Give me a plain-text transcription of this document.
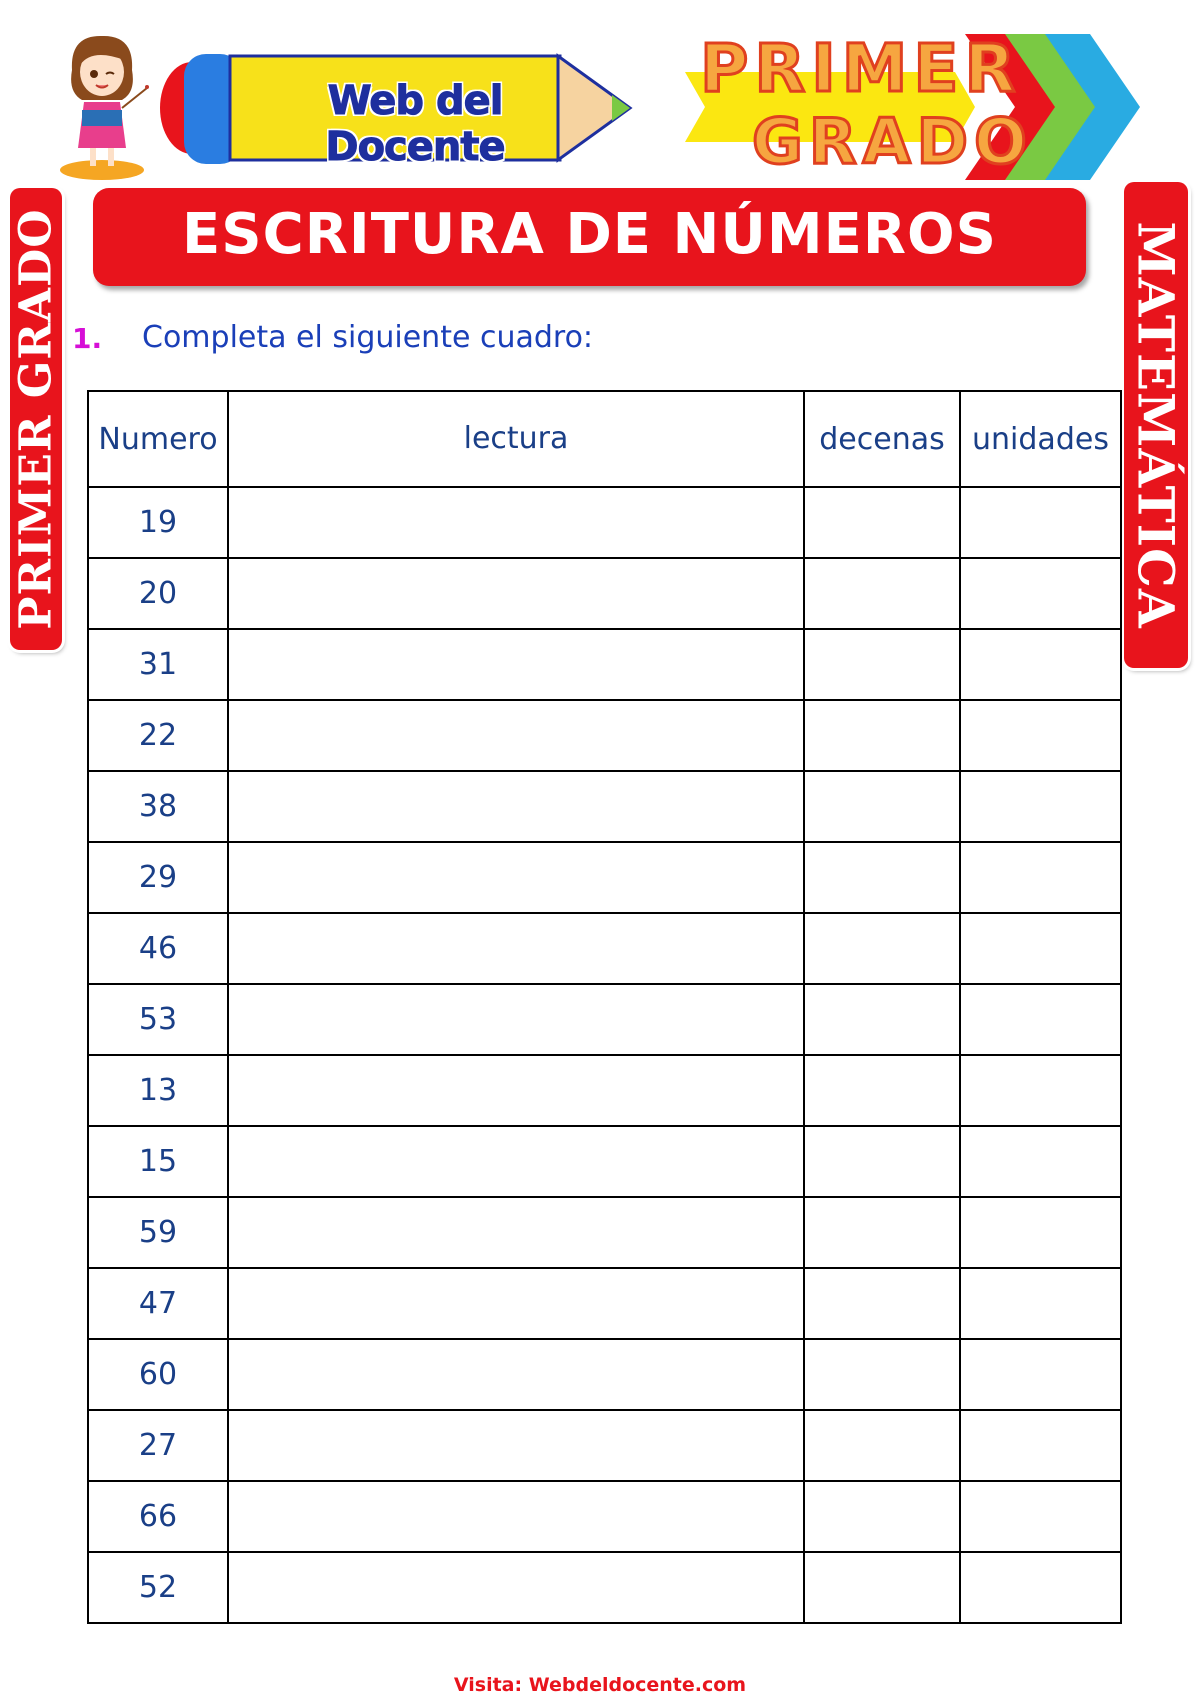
Web del Docente
PRIMER
GRADO
PRIMER GRADO	MATEMÁTICA
ESCRITURA DE NÚMEROS
1. Completa el siguiente cuadro:
Numero	lectura	decenas	unidades
19			
20			
31			
22			
38			
29			
46			
53			
13			
15			
59			
47			
60			
27			
66			
52			
Visita: Webdeldocente.com
